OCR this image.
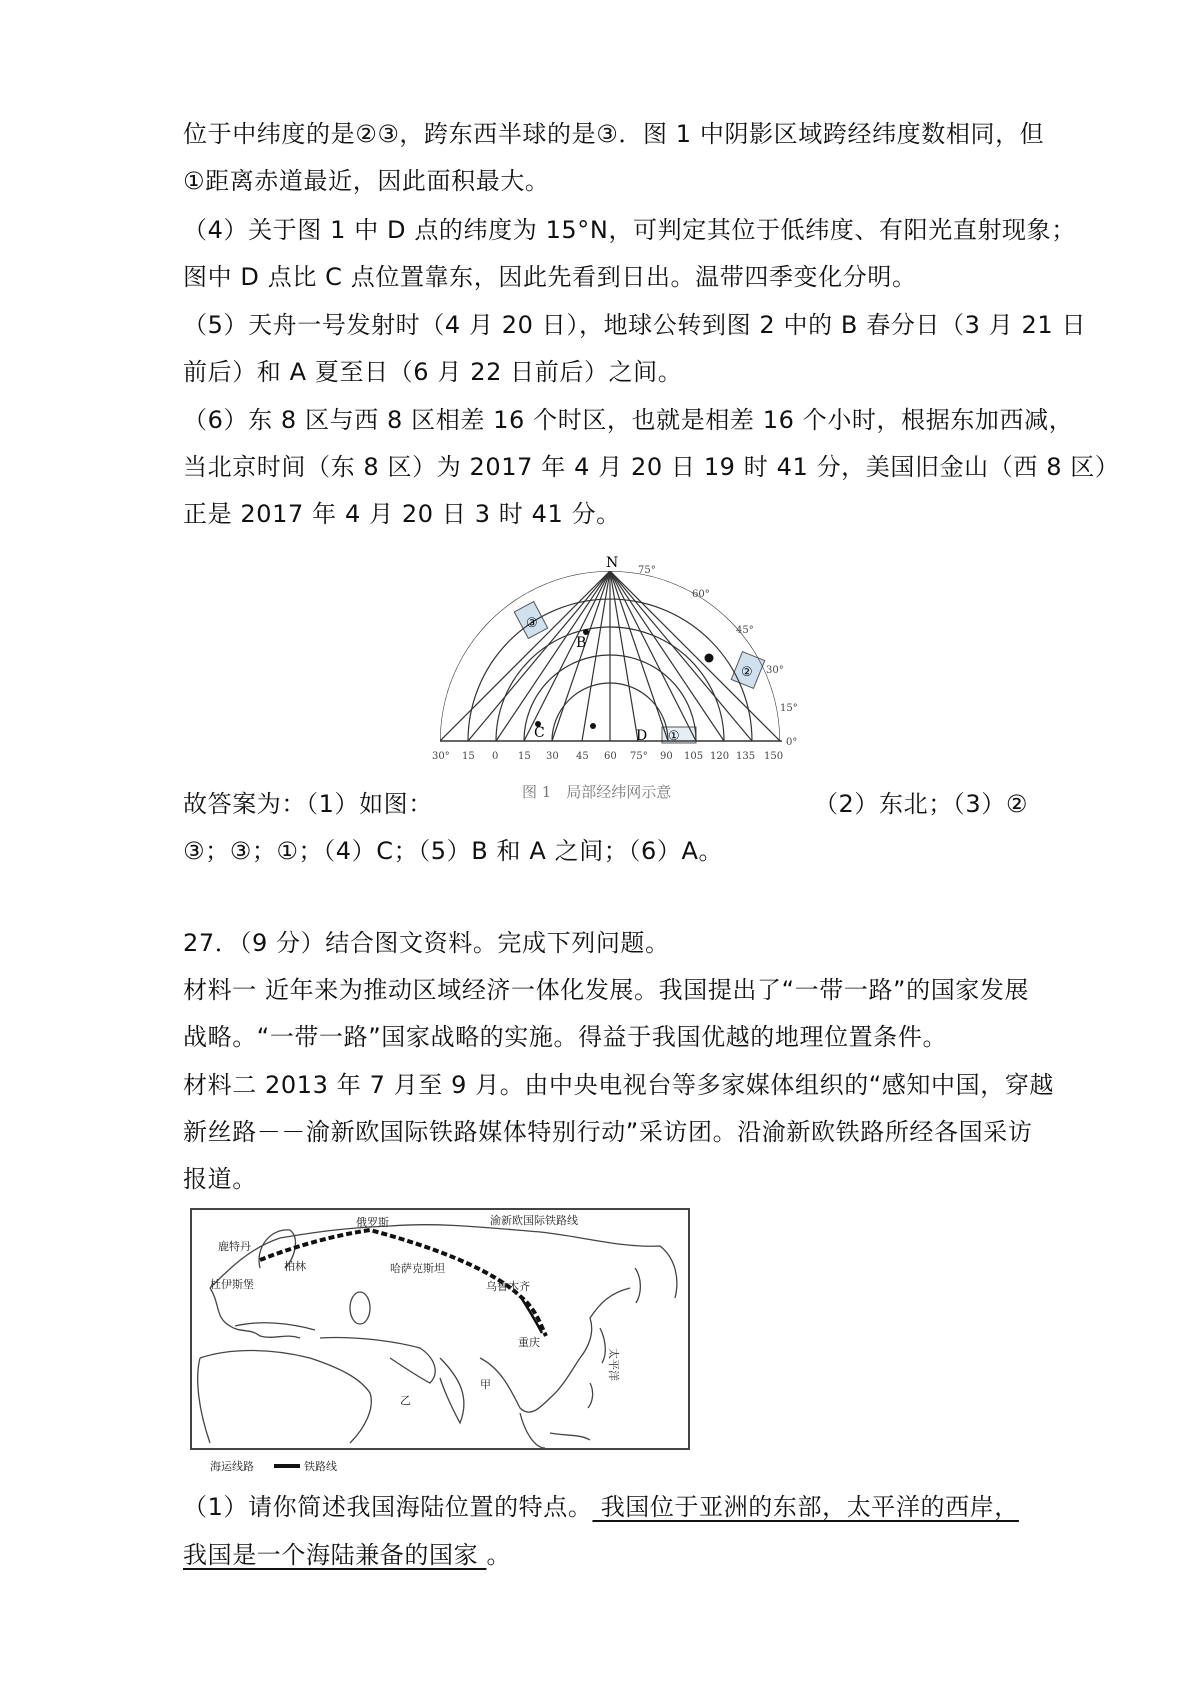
位于中纬度的是②③，跨东西半球的是③．图 1 中阴影区域跨经纬度数相同，但
①距离赤道最近，因此面积最大。
（4）关于图 1 中 D 点的纬度为 15°N，可判定其位于低纬度、有阳光直射现象；
图中 D 点比 C 点位置靠东，因此先看到日出。温带四季变化分明。
（5）天舟一号发射时（4 月 20 日），地球公转到图 2 中的 B 春分日（3 月 21 日
前后）和 A 夏至日（6 月 22 日前后）之间。
（6）东 8 区与西 8 区相差 16 个时区，也就是相差 16 个小时，根据东加西减，
当北京时间（东 8 区）为 2017 年 4 月 20 日 19 时 41 分，美国旧金山（西 8 区）
正是 2017 年 4 月 20 日 3 时 41 分。
N 75°
60°
45°
30°
15°
0°
30° 15 0 15 30 45 60 75° 90 105 120 135 150
B
C	D
③
②
①
图 1　局部经纬网示意
故答案为：（1）如图：	（2）东北；（3）②
③；③；①；（4）C；（5）B 和 A 之间；（6）A。
27．（9 分）结合图文资料。完成下列问题。
材料一 近年来为推动区域经济一体化发展。我国提出了“一带一路”的国家发展
战略。“一带一路”国家战略的实施。得益于我国优越的地理位置条件。
材料二 2013 年 7 月至 9 月。由中央电视台等多家媒体组织的“感知中国，穿越
新丝路－－渝新欧国际铁路媒体特别行动”采访团。沿渝新欧铁路所经各国采访
报道。
俄罗斯	渝新欧国际铁路线
鹿特丹
柏林
杜伊斯堡
哈萨克斯坦
乌鲁木齐
重庆
太平洋
甲
乙
海运线路	铁路线
（1）请你简述我国海陆位置的特点。 我国位于亚洲的东部，太平洋的西岸，
我国是一个海陆兼备的国家 。
